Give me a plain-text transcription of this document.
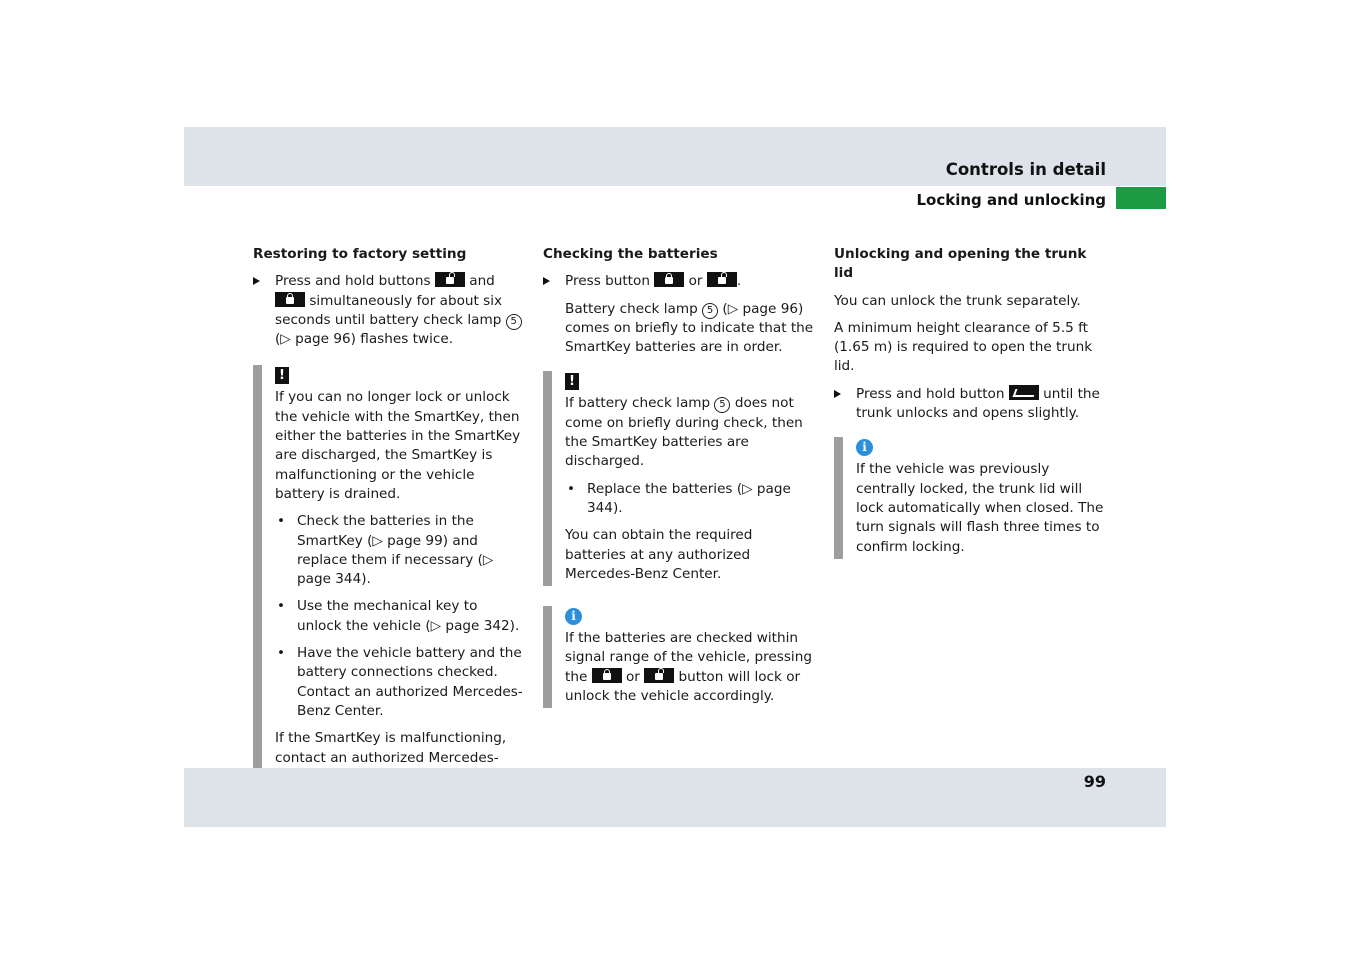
Controls in detail
Locking and unlocking
Restoring to factory setting
Press and hold buttons	and
simultaneously for about six seconds until battery check lamp 5 (▷ page 96) flashes twice.
!

If you can no longer lock or unlock the vehicle with the SmartKey, then either the batteries in the SmartKey are discharged, the SmartKey is malfunctioning or the vehicle battery is drained.

• Check the batteries in the SmartKey (▷ page 99) and replace them if necessary (▷ page 344).
• Use the mechanical key to unlock the vehicle (▷ page 342).
• Have the vehicle battery and the battery connections checked. Contact an authorized Mercedes-Benz Center.

If the SmartKey is malfunctioning, contact an authorized Mercedes-

Checking the batteries
Press button	or	.

Battery check lamp 5 (▷ page 96) comes on briefly to indicate that the SmartKey batteries are in order.

!

If battery check lamp 5 does not come on briefly during check, then the SmartKey batteries are discharged.

• Replace the batteries (▷ page 344).

You can obtain the required batteries at any authorized Mercedes-Benz Center.

i

If the batteries are checked within signal range of the vehicle, pressing the	or	button will lock or unlock the vehicle accordingly.

Unlocking and opening the trunk lid

You can unlock the trunk separately.

A minimum height clearance of 5.5 ft (1.65 m) is required to open the trunk lid.

Press and hold button	until the trunk unlocks and opens slightly.
i

If the vehicle was previously centrally locked, the trunk lid will lock automatically when closed. The turn signals will flash three times to confirm locking.

99
